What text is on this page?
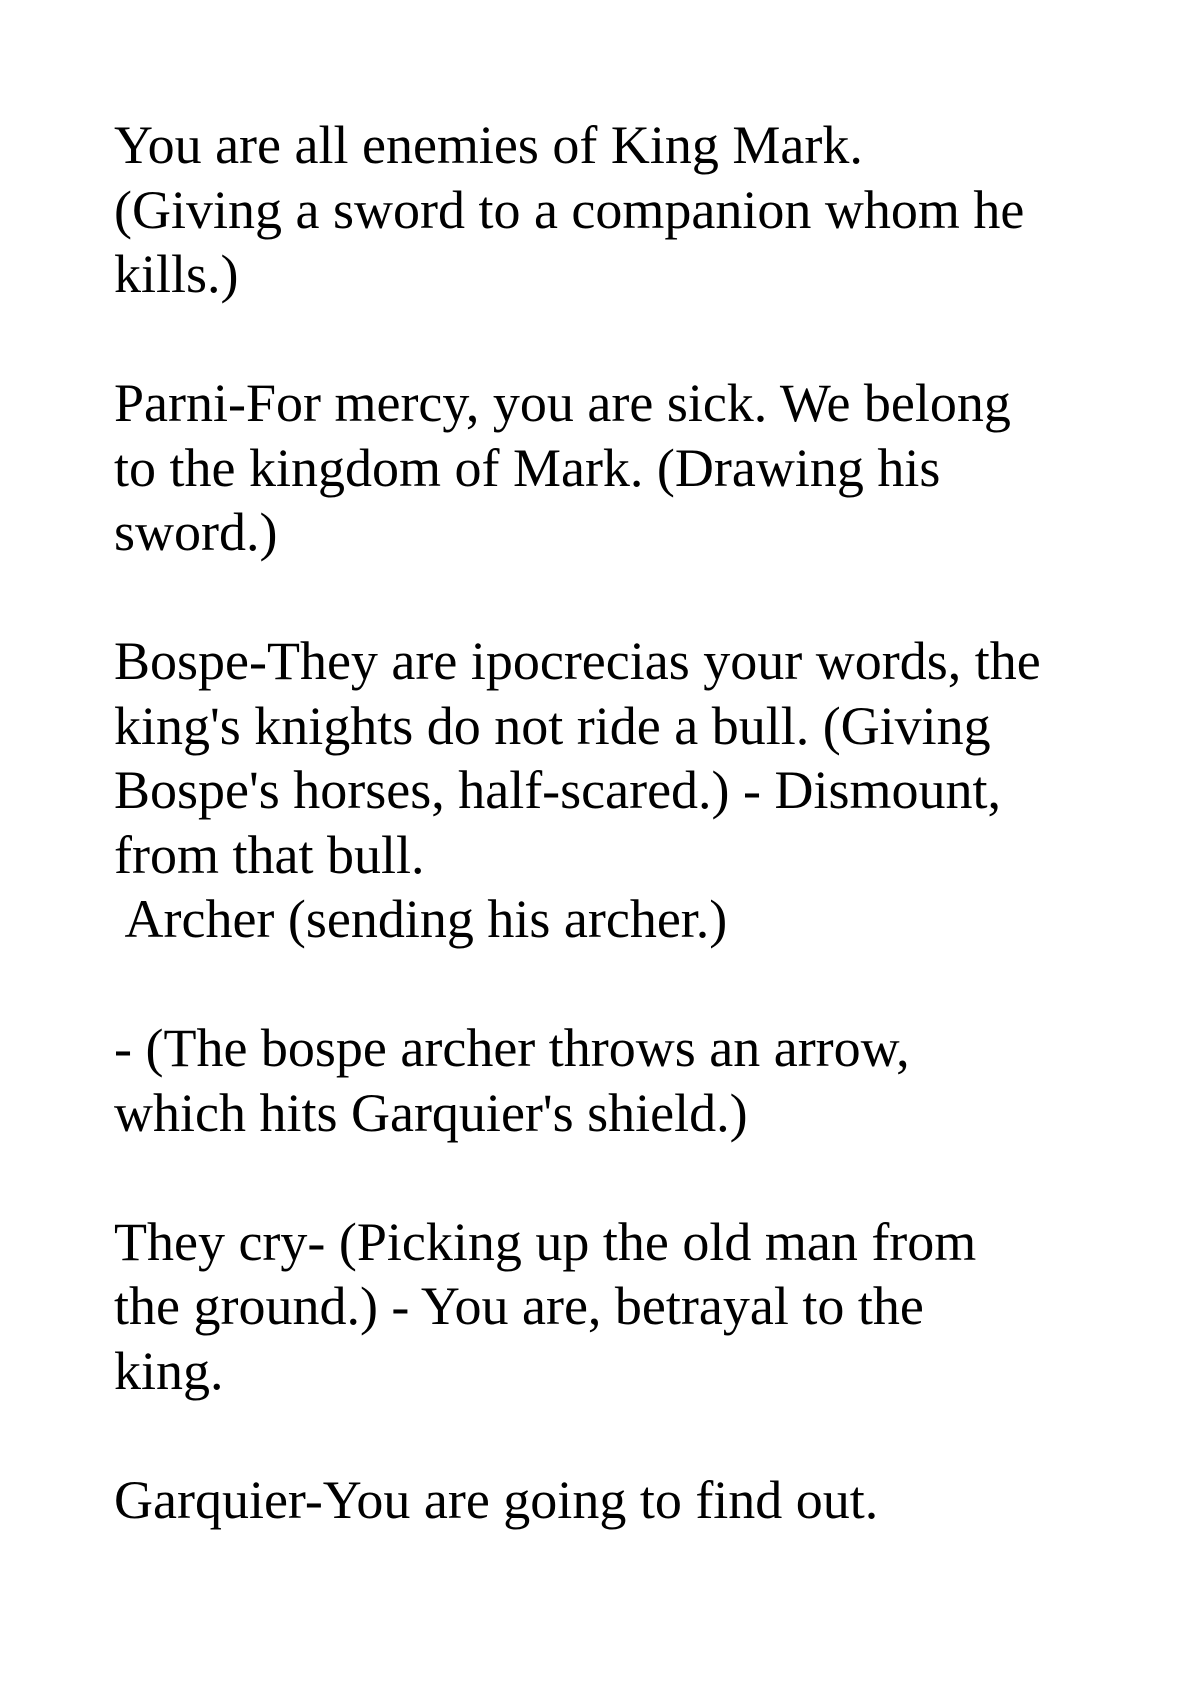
You are all enemies of King Mark.
(Giving a sword to a companion whom he
kills.)
Parni-For mercy, you are sick. We belong
to the kingdom of Mark. (Drawing his
sword.)
Bospe-They are ipocrecias your words, the
king's knights do not ride a bull. (Giving
Bospe's horses, half-scared.) - Dismount,
from that bull.
Archer (sending his archer.)
- (The bospe archer throws an arrow,
which hits Garquier's shield.)
They cry- (Picking up the old man from
the ground.) - You are, betrayal to the
king.
Garquier-You are going to find out.
